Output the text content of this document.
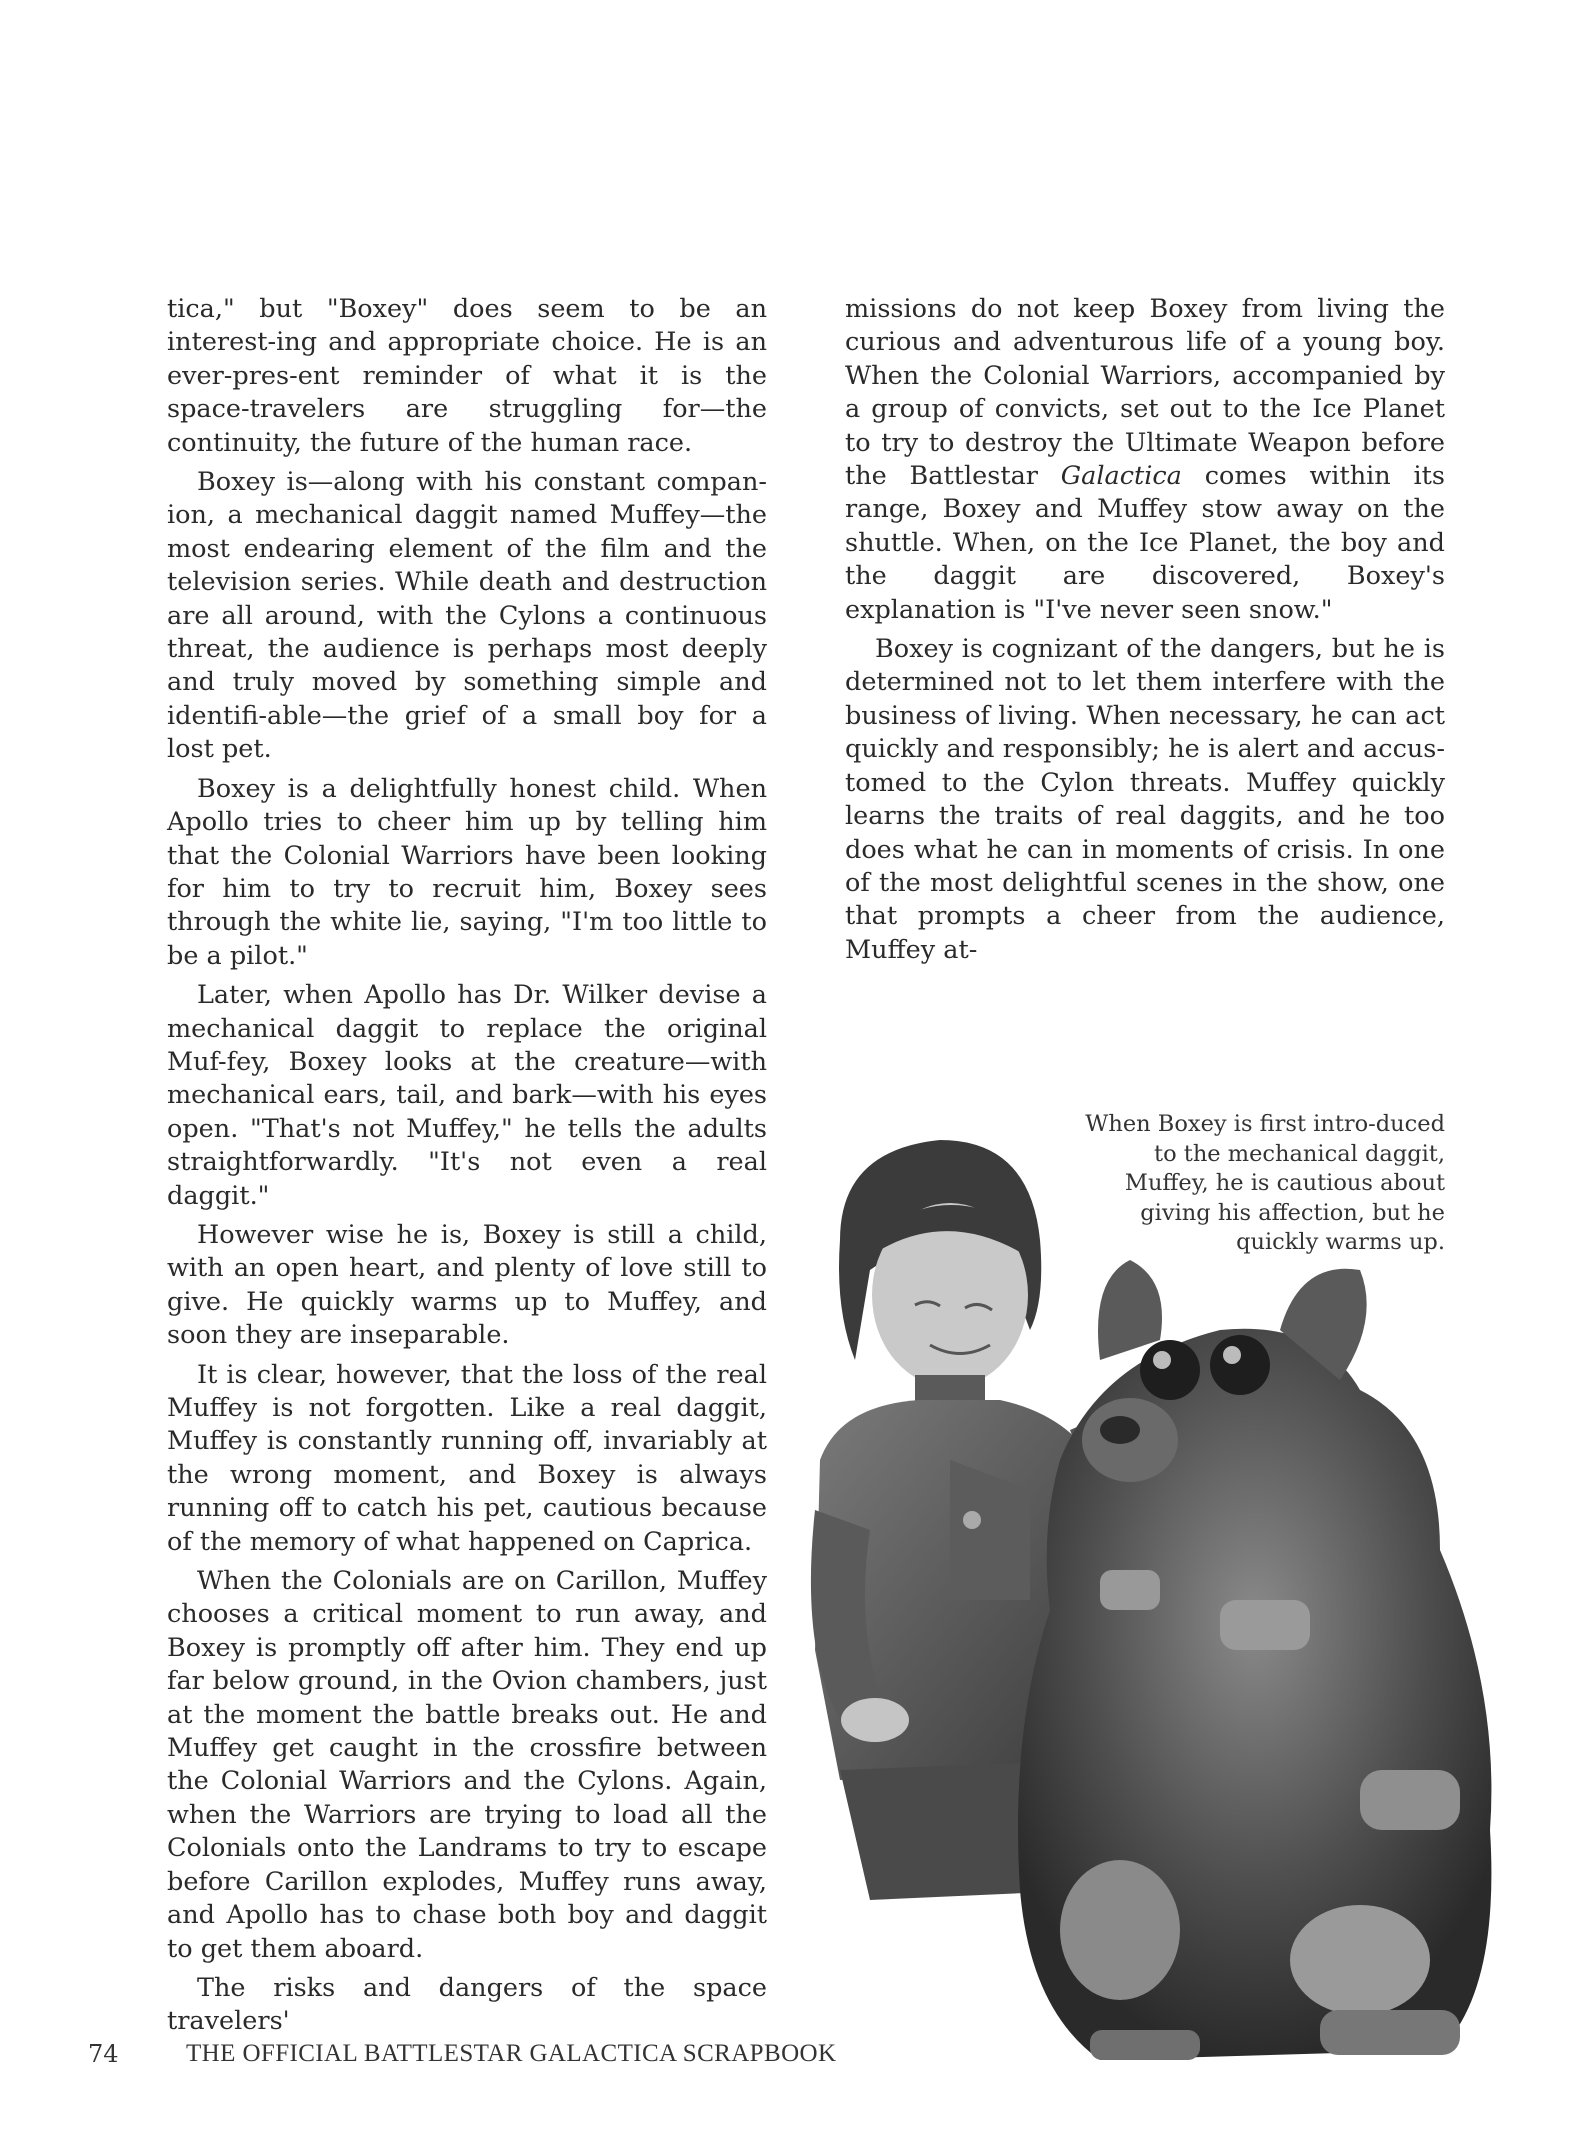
tica," but "Boxey" does seem to be an interest-ing and appropriate choice. He is an ever-pres-ent reminder of what it is the space-travelers are struggling for—the continuity, the future of the human race.

Boxey is—along with his constant compan-ion, a mechanical daggit named Muffey—the most endearing element of the film and the television series. While death and destruction are all around, with the Cylons a continuous threat, the audience is perhaps most deeply and truly moved by something simple and identifi-able—the grief of a small boy for a lost pet.

Boxey is a delightfully honest child. When Apollo tries to cheer him up by telling him that the Colonial Warriors have been looking for him to try to recruit him, Boxey sees through the white lie, saying, "I'm too little to be a pilot."

Later, when Apollo has Dr. Wilker devise a mechanical daggit to replace the original Muf-fey, Boxey looks at the creature—with mechanical ears, tail, and bark—with his eyes open. "That's not Muffey," he tells the adults straightforwardly. "It's not even a real daggit."

However wise he is, Boxey is still a child, with an open heart, and plenty of love still to give. He quickly warms up to Muffey, and soon they are inseparable.

It is clear, however, that the loss of the real Muffey is not forgotten. Like a real daggit, Muffey is constantly running off, invariably at the wrong moment, and Boxey is always running off to catch his pet, cautious because of the memory of what happened on Caprica.

When the Colonials are on Carillon, Muffey chooses a critical moment to run away, and Boxey is promptly off after him. They end up far below ground, in the Ovion chambers, just at the moment the battle breaks out. He and Muffey get caught in the crossfire between the Colonial Warriors and the Cylons. Again, when the Warriors are trying to load all the Colonials onto the Landrams to try to escape before Carillon explodes, Muffey runs away, and Apollo has to chase both boy and daggit to get them aboard.

The risks and dangers of the space travelers'

missions do not keep Boxey from living the curious and adventurous life of a young boy. When the Colonial Warriors, accompanied by a group of convicts, set out to the Ice Planet to try to destroy the Ultimate Weapon before the Battlestar Galactica comes within its range, Boxey and Muffey stow away on the shuttle. When, on the Ice Planet, the boy and the daggit are discovered, Boxey's explanation is "I've never seen snow."

Boxey is cognizant of the dangers, but he is determined not to let them interfere with the business of living. When necessary, he can act quickly and responsibly; he is alert and accus-tomed to the Cylon threats. Muffey quickly learns the traits of real daggits, and he too does what he can in moments of crisis. In one of the most delightful scenes in the show, one that prompts a cheer from the audience, Muffey at-

When Boxey is first intro-duced to the mechanical daggit, Muffey, he is cautious about giving his affection, but he quickly warms up.
74	THE OFFICIAL BATTLESTAR GALACTICA SCRAPBOOK
